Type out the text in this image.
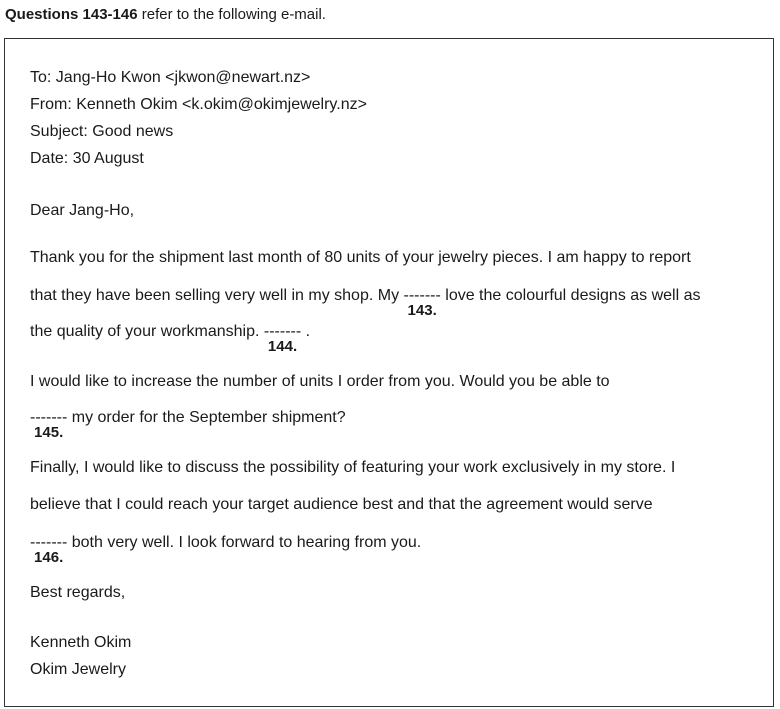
Questions 143-146 refer to the following e-mail.
To: Jang-Ho Kwon <jkwon@newart.nz>
From: Kenneth Okim <k.okim@okimjewelry.nz>
Subject: Good news
Date: 30 August
Dear Jang-Ho,
Thank you for the shipment last month of 80 units of your jewelry pieces. I am happy to report
that they have been selling very well in my shop. My -------
143.
love the colourful designs as well as
the quality of your workmanship. -------
144.
.
I would like to increase the number of units I order from you. Would you be able to
-------
145.
my order for the September shipment?
Finally, I would like to discuss the possibility of featuring your work exclusively in my store. I
believe that I could reach your target audience best and that the agreement would serve
-------
146.
both very well. I look forward to hearing from you.
Best regards,
Kenneth Okim
Okim Jewelry
